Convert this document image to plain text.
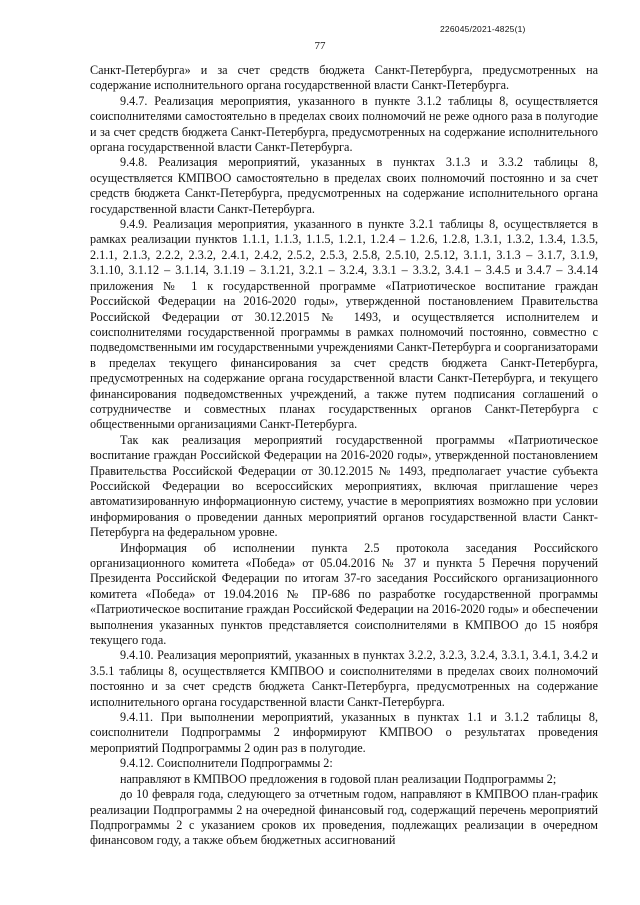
226045/2021-4825(1)
77

Санкт-Петербурга» и за счет средств бюджета Санкт-Петербурга, предусмотренных на содержание исполнительного органа государственной власти Санкт-Петербурга.

9.4.7. Реализация мероприятия, указанного в пункте 3.1.2 таблицы 8, осуществляется соисполнителями самостоятельно в пределах своих полномочий не реже одного раза в полугодие и за счет средств бюджета Санкт-Петербурга, предусмотренных на содержание исполнительного органа государственной власти Санкт-Петербурга.

9.4.8. Реализация мероприятий, указанных в пунктах 3.1.3 и 3.3.2 таблицы 8, осуществляется КМПВОО самостоятельно в пределах своих полномочий постоянно и за счет средств бюджета Санкт-Петербурга, предусмотренных на содержание исполнительного органа государственной власти Санкт-Петербурга.

9.4.9. Реализация мероприятия, указанного в пункте 3.2.1 таблицы 8, осуществляется в рамках реализации пунктов 1.1.1, 1.1.3, 1.1.5, 1.2.1, 1.2.4 – 1.2.6, 1.2.8, 1.3.1, 1.3.2, 1.3.4, 1.3.5, 2.1.1, 2.1.3, 2.2.2, 2.3.2, 2.4.1, 2.4.2, 2.5.2, 2.5.3, 2.5.8, 2.5.10, 2.5.12, 3.1.1, 3.1.3 – 3.1.7, 3.1.9, 3.1.10, 3.1.12 – 3.1.14, 3.1.19 – 3.1.21, 3.2.1 – 3.2.4, 3.3.1 – 3.3.2, 3.4.1 – 3.4.5 и 3.4.7 – 3.4.14 приложения № 1 к государственной программе «Патриотическое воспитание граждан Российской Федерации на 2016-2020 годы», утвержденной постановлением Правительства Российской Федерации от 30.12.2015 № 1493, и осуществляется исполнителем и соисполнителями государственной программы в рамках полномочий постоянно, совместно с подведомственными им государственными учреждениями Санкт-Петербурга и соорганизаторами в пределах текущего финансирования за счет средств бюджета Санкт-Петербурга, предусмотренных на содержание органа государственной власти Санкт-Петербурга, и текущего финансирования подведомственных учреждений, а также путем подписания соглашений о сотрудничестве и совместных планах государственных органов Санкт-Петербурга с общественными организациями Санкт-Петербурга.

Так как реализация мероприятий государственной программы «Патриотическое воспитание граждан Российской Федерации на 2016-2020 годы», утвержденной постановлением Правительства Российской Федерации от 30.12.2015 № 1493, предполагает участие субъекта Российской Федерации во всероссийских мероприятиях, включая приглашение через автоматизированную информационную систему, участие в мероприятиях возможно при условии информирования о проведении данных мероприятий органов государственной власти Санкт-Петербурга на федеральном уровне.

Информация об исполнении пункта 2.5 протокола заседания Российского организационного комитета «Победа» от 05.04.2016 № 37 и пункта 5 Перечня поручений Президента Российской Федерации по итогам 37-го заседания Российского организационного комитета «Победа» от 19.04.2016 № ПР-686 по разработке государственной программы «Патриотическое воспитание граждан Российской Федерации на 2016-2020 годы» и обеспечении выполнения указанных пунктов представляется соисполнителями в КМПВОО до 15 ноября текущего года.

9.4.10. Реализация мероприятий, указанных в пунктах 3.2.2, 3.2.3, 3.2.4, 3.3.1, 3.4.1, 3.4.2 и 3.5.1 таблицы 8, осуществляется КМПВОО и соисполнителями в пределах своих полномочий постоянно и за счет средств бюджета Санкт-Петербурга, предусмотренных на содержание исполнительного органа государственной власти Санкт-Петербурга.

9.4.11. При выполнении мероприятий, указанных в пунктах 1.1 и 3.1.2 таблицы 8, соисполнители Подпрограммы 2 информируют КМПВОО о результатах проведения мероприятий Подпрограммы 2 один раз в полугодие.

9.4.12. Соисполнители Подпрограммы 2:

направляют в КМПВОО предложения в годовой план реализации Подпрограммы 2;

до 10 февраля года, следующего за отчетным годом, направляют в КМПВОО план-график реализации Подпрограммы 2 на очередной финансовый год, содержащий перечень мероприятий Подпрограммы 2 с указанием сроков их проведения, подлежащих реализации в очередном финансовом году, а также объем бюджетных ассигнований
